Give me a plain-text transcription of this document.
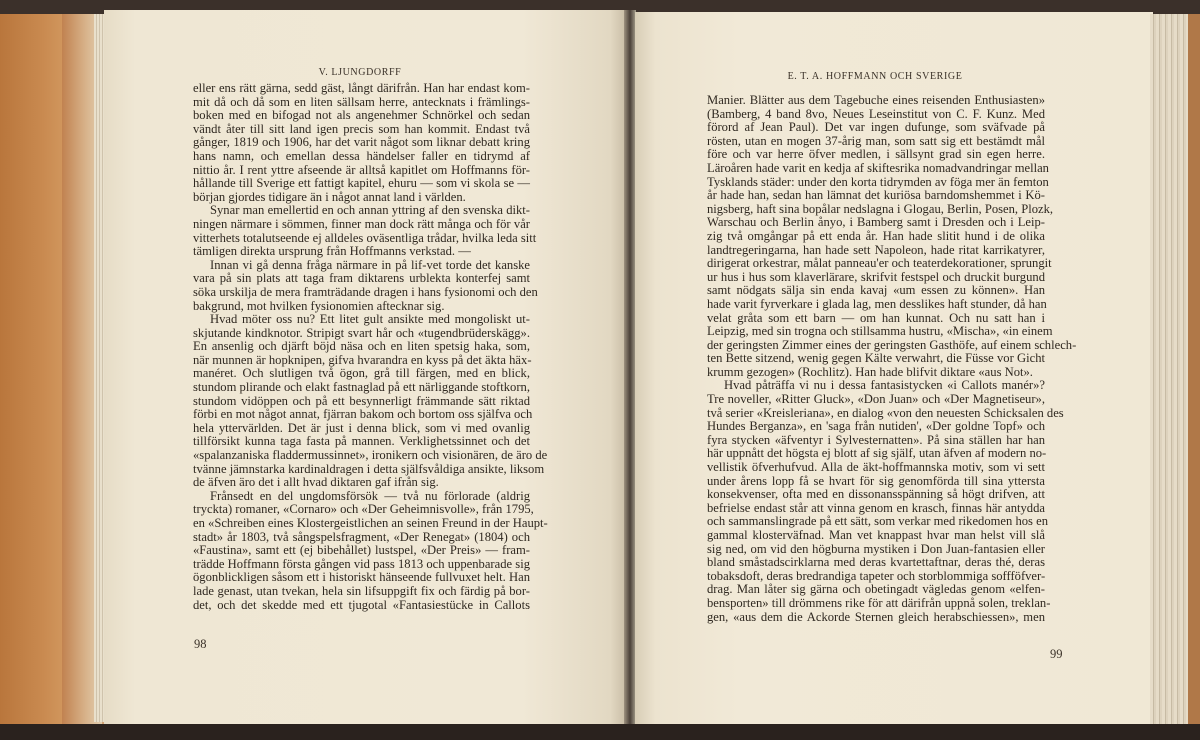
V. LJUNGDORFF	E. T. A. HOFFMANN OCH SVERIGE
eller ens rätt gärna, sedd gäst, långt därifrån. Han har endast kom-
mit då och då som en liten sällsam herre, antecknats i främlings-
boken med en bifogad not als angenehmer Schnörkel och sedan
vändt åter till sitt land igen precis som han kommit. Endast två
gånger, 1819 och 1906, har det varit något som liknar debatt kring
hans namn, och emellan dessa händelser faller en tidrymd af
nittio år. I rent yttre afseende är alltså kapitlet om Hoffmanns för-
hållande till Sverige ett fattigt kapitel, ehuru — som vi skola se —
början gjordes tidigare än i något annat land i världen.
Synar man emellertid en och annan yttring af den svenska dikt-
ningen närmare i sömmen, finner man dock rätt många och för vår
vitterhets totalutseende ej alldeles oväsentliga trådar, hvilka leda sitt
tämligen direkta ursprung från Hoffmanns verkstad. —
Innan vi gå denna fråga närmare in på lif-vet torde det kanske
vara på sin plats att taga fram diktarens urblekta konterfej samt
söka urskilja de mera framträdande dragen i hans fysionomi och den
bakgrund, mot hvilken fysionomien aftecknar sig.
Hvad möter oss nu? Ett litet gult ansikte med mongoliskt ut-
skjutande kindknotor. Stripigt svart hår och «tugendbrüderskägg».
En ansenlig och djärft böjd näsa och en liten spetsig haka, som,
när munnen är hopknipen, gifva hvarandra en kyss på det äkta häx-
manéret. Och slutligen två ögon, grå till färgen, med en blick,
stundom plirande och elakt fastnaglad på ett närliggande stoftkorn,
stundom vidöppen och på ett besynnerligt främmande sätt riktad
förbi en mot något annat, fjärran bakom och bortom oss själfva och
hela yttervärlden. Det är just i denna blick, som vi med ovanlig
tillförsikt kunna taga fasta på mannen. Verklighetssinnet och det
«spalanzaniska fladdermussinnet», ironikern och visionären, de äro de
tvänne jämnstarka kardinaldragen i detta själfsvåldiga ansikte, liksom
de äfven äro det i allt hvad diktaren gaf ifrån sig.
Frånsedt en del ungdomsförsök — två nu förlorade (aldrig
tryckta) romaner, «Cornaro» och «Der Geheimnisvolle», från 1795,
en «Schreiben eines Klostergeistlichen an seinen Freund in der Haupt-
stadt» år 1803, två sångspelsfragment, «Der Renegat» (1804) och
«Faustina», samt ett (ej bibehållet) lustspel, «Der Preis» — fram-
trädde Hoffmann första gången vid pass 1813 och uppenbarade sig
ögonblickligen såsom ett i historiskt hänseende fullvuxet helt. Han
lade genast, utan tvekan, hela sin lifsuppgift fix och färdig på bor-
det, och det skedde med ett tjugotal «Fantasiestücke in Callots
Manier. Blätter aus dem Tagebuche eines reisenden Enthusiasten»
(Bamberg, 4 band 8vo, Neues Leseinstitut von C. F. Kunz. Med
förord af Jean Paul). Det var ingen dufunge, som sväfvade på
rösten, utan en mogen 37-årig man, som satt sig ett bestämdt mål
före och var herre öfver medlen, i sällsynt grad sin egen herre.
Läroåren hade varit en kedja af skiftesrika nomadvandringar mellan
Tysklands städer: under den korta tidrymden av föga mer än femton
år hade han, sedan han lämnat det kuriösa barndomshemmet i Kö-
nigsberg, haft sina bopålar nedslagna i Glogau, Berlin, Posen, Plozk,
Warschau och Berlin ånyo, i Bamberg samt i Dresden och i Leip-
zig två omgångar på ett enda år. Han hade slitit hund i de olika
landtregeringarna, han hade sett Napoleon, hade ritat karrikatyrer,
dirigerat orkestrar, målat panneau'er och teaterdekorationer, sprungit
ur hus i hus som klaverlärare, skrifvit festspel och druckit burgund
samt nödgats sälja sin enda kavaj «um essen zu können». Han
hade varit fyrverkare i glada lag, men desslikes haft stunder, då han
velat gråta som ett barn — om han kunnat. Och nu satt han i
Leipzig, med sin trogna och stillsamma hustru, «Mischa», «in einem
der geringsten Zimmer eines der geringsten Gasthöfe, auf einem schlech-
ten Bette sitzend, wenig gegen Kälte verwahrt, die Füsse vor Gicht
krumm gezogen» (Rochlitz). Han hade blifvit diktare «aus Not».
Hvad påträffa vi nu i dessa fantasistycken «i Callots manér»?
Tre noveller, «Ritter Gluck», «Don Juan» och «Der Magnetiseur»,
två serier «Kreisleriana», en dialog «von den neuesten Schicksalen des
Hundes Berganza», en 'saga från nutiden', «Der goldne Topf» och
fyra stycken «äfventyr i Sylvesternatten». På sina ställen har han
här uppnått det högsta ej blott af sig själf, utan äfven af modern no-
vellistik öfverhufvud. Alla de äkt-hoffmannska motiv, som vi sett
under årens lopp få se hvart för sig genomförda till sina yttersta
konsekvenser, ofta med en dissonansspänning så högt drifven, att
befrielse endast står att vinna genom en krasch, finnas här antydda
och sammanslingrade på ett sätt, som verkar med rikedomen hos en
gammal klosterväfnad. Man vet knappast hvar man helst vill slå
sig ned, om vid den högburna mystiken i Don Juan-fantasien eller
bland småstadscirklarna med deras kvartettaftnar, deras thé, deras
tobaksdoft, deras bredrandiga tapeter och storblommiga soffföfver-
drag. Man låter sig gärna och obetingadt vägledas genom «elfen-
bensporten» till drömmens rike för att därifrån uppnå solen, treklan-
gen, «aus dem die Ackorde Sternen gleich herabschiessen», men
98
99
